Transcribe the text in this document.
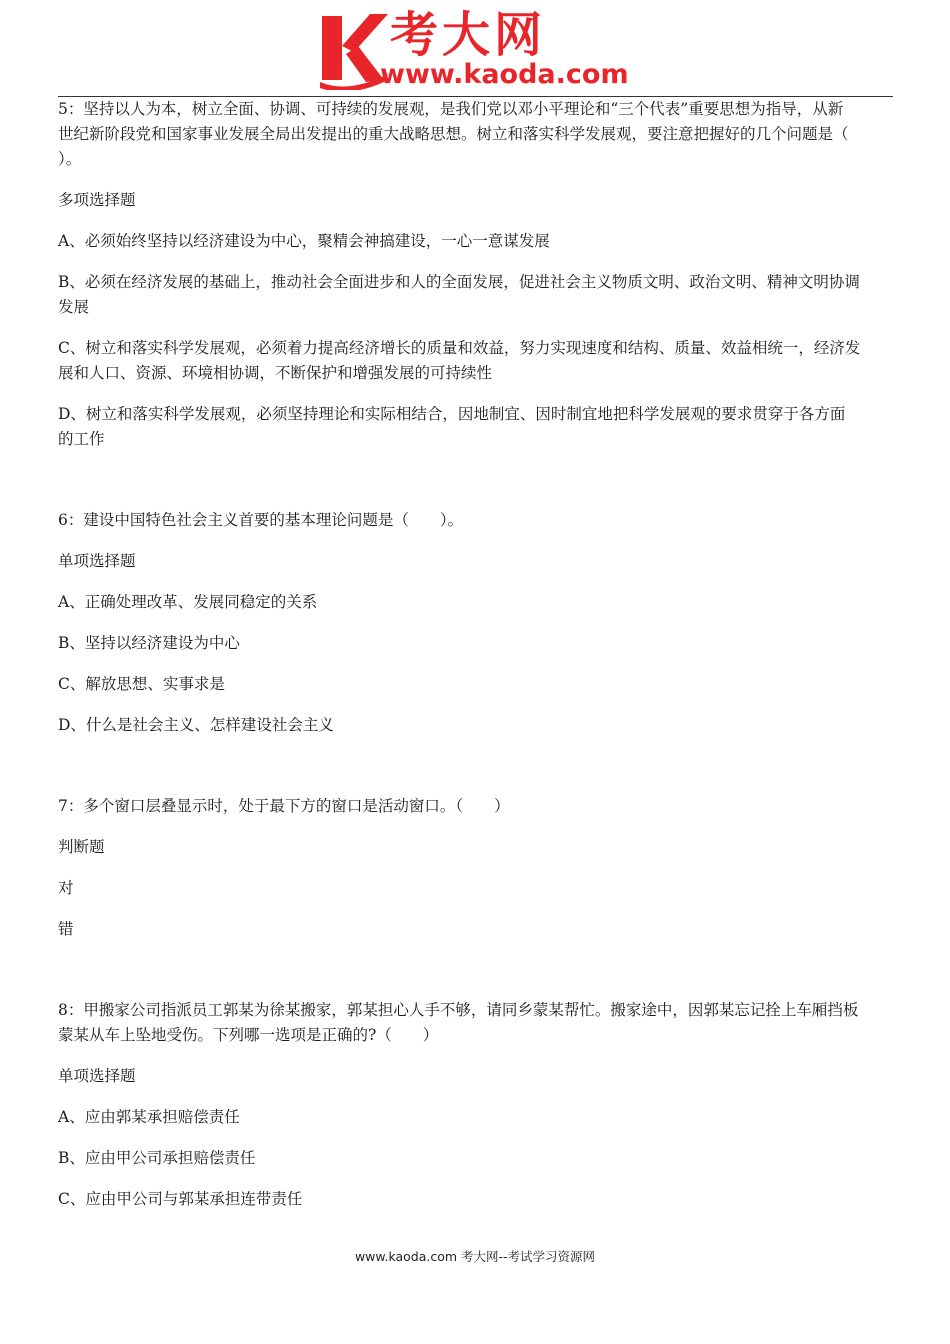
考大网
www.kaoda.com

5：坚持以人为本，树立全面、协调、可持续的发展观，是我们党以邓小平理论和“三个代表”重要思想为指导，从新

世纪新阶段党和国家事业发展全局出发提出的重大战略思想。树立和落实科学发展观，要注意把握好的几个问题是（

）。

多项选择题

A、必须始终坚持以经济建设为中心，聚精会神搞建设，一心一意谋发展

B、必须在经济发展的基础上，推动社会全面进步和人的全面发展，促进社会主义物质文明、政治文明、精神文明协调

发展

C、树立和落实科学发展观，必须着力提高经济增长的质量和效益，努力实现速度和结构、质量、效益相统一，经济发

展和人口、资源、环境相协调，不断保护和增强发展的可持续性

D、树立和落实科学发展观，必须坚持理论和实际相结合，因地制宜、因时制宜地把科学发展观的要求贯穿于各方面

的工作

6：建设中国特色社会主义首要的基本理论问题是（　　）。

单项选择题

A、正确处理改革、发展同稳定的关系

B、坚持以经济建设为中心

C、解放思想、实事求是

D、什么是社会主义、怎样建设社会主义

7：多个窗口层叠显示时，处于最下方的窗口是活动窗口。（　　）

判断题

对

错

8：甲搬家公司指派员工郭某为徐某搬家，郭某担心人手不够，请同乡蒙某帮忙。搬家途中，因郭某忘记拴上车厢挡板

蒙某从车上坠地受伤。下列哪一选项是正确的?（　　）

单项选择题

A、应由郭某承担赔偿责任

B、应由甲公司承担赔偿责任

C、应由甲公司与郭某承担连带责任

www.kaoda.com 考大网--考试学习资源网
